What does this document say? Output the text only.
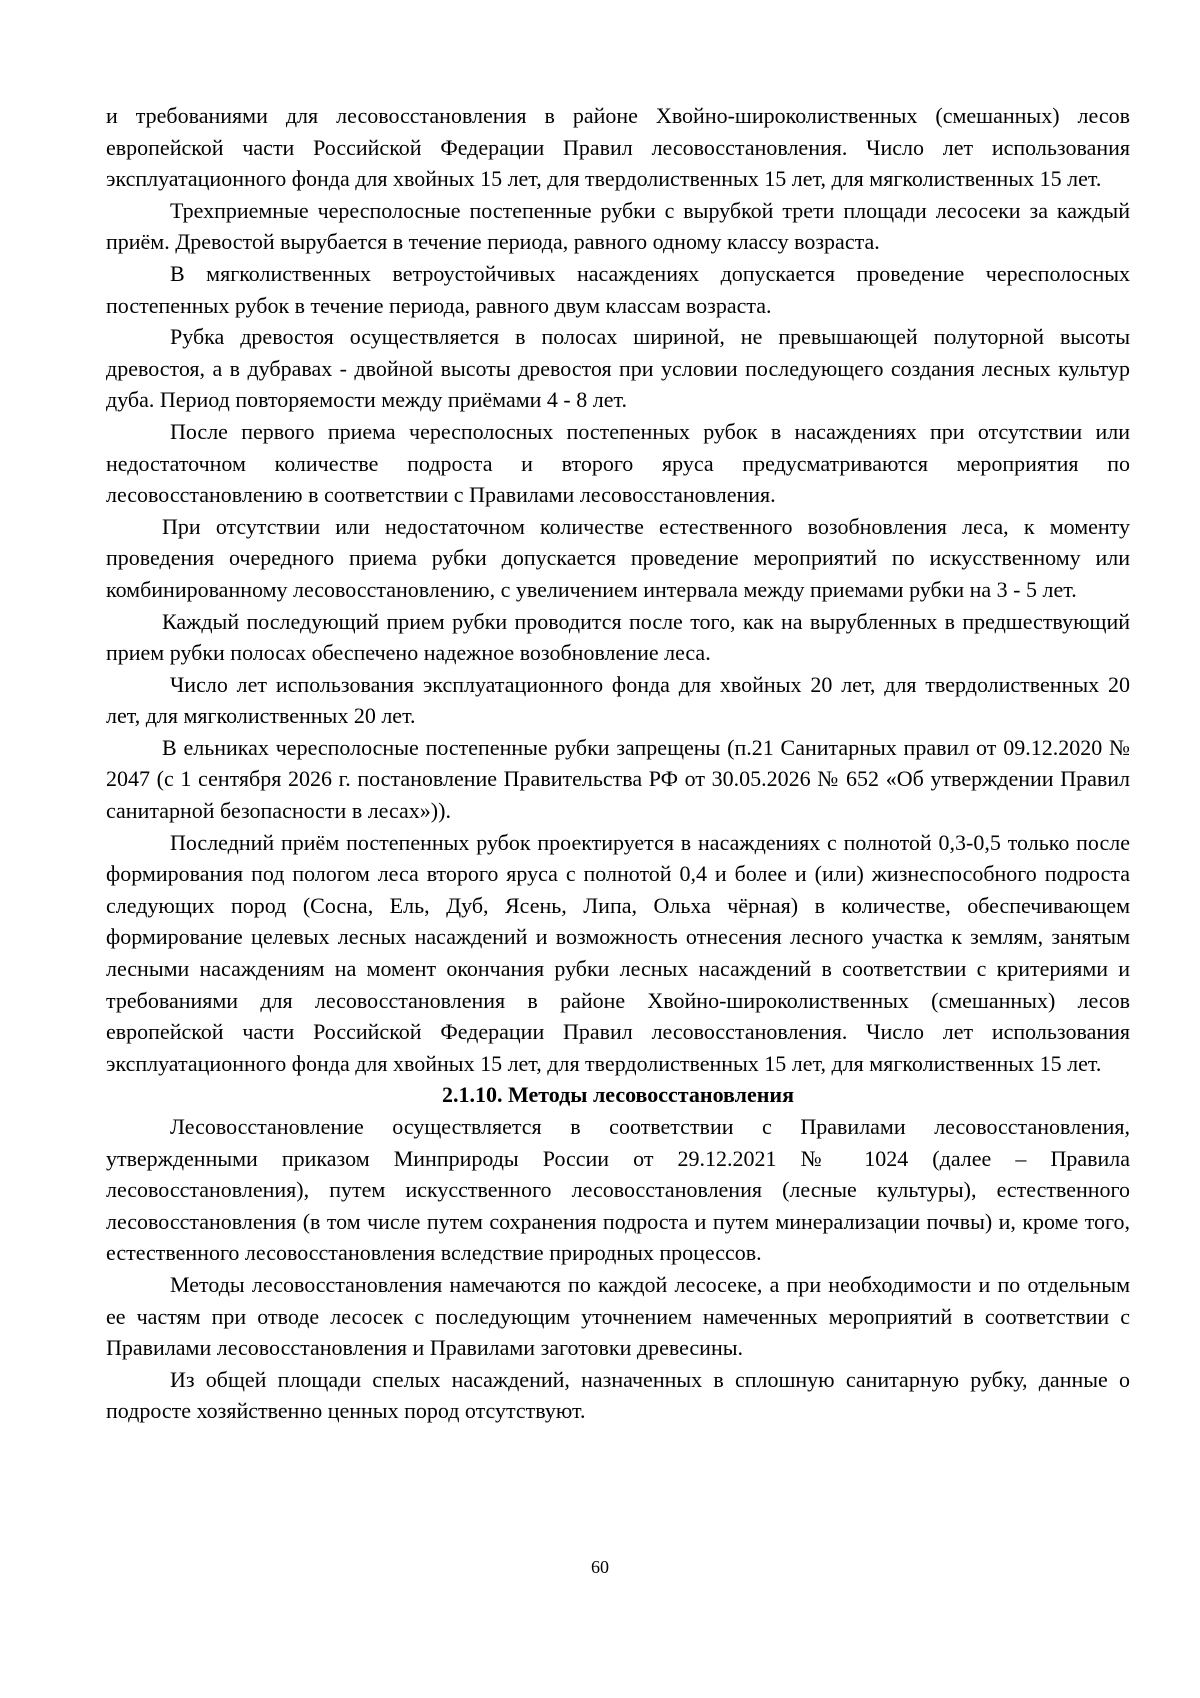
и требованиями для лесовосстановления в районе Хвойно-широколиственных (смешанных) лесов европейской части Российской Федерации Правил лесовосстановления. Число лет использования эксплуатационного фонда для хвойных 15 лет, для твердолиственных 15 лет, для мягколиственных 15 лет.

Трехприемные чересполосные постепенные рубки с вырубкой трети площади лесосеки за каждый приём. Древостой вырубается в течение периода, равного одному классу возраста.

В мягколиственных ветроустойчивых насаждениях допускается проведение чересполосных постепенных рубок в течение периода, равного двум классам возраста.

Рубка древостоя осуществляется в полосах шириной, не превышающей полуторной высоты древостоя, а в дубравах - двойной высоты древостоя при условии последующего создания лесных культур дуба. Период повторяемости между приёмами 4 - 8 лет.

После первого приема чересполосных постепенных рубок в насаждениях при отсутствии или недостаточном количестве подроста и второго яруса предусматриваются мероприятия по лесовосстановлению в соответствии с Правилами лесовосстановления.

При отсутствии или недостаточном количестве естественного возобновления леса, к моменту проведения очередного приема рубки допускается проведение мероприятий по искусственному или комбинированному лесовосстановлению, с увеличением интервала между приемами рубки на 3 - 5 лет.

Каждый последующий прием рубки проводится после того, как на вырубленных в предшествующий прием рубки полосах обеспечено надежное возобновление леса.

Число лет использования эксплуатационного фонда для хвойных 20 лет, для твердолиственных 20 лет, для мягколиственных 20 лет.

В ельниках чересполосные постепенные рубки запрещены (п.21 Санитарных правил от 09.12.2020 № 2047 (с 1 сентября 2026 г. постановление Правительства РФ от 30.05.2026 № 652 «Об утверждении Правил санитарной безопасности в лесах»)).

Последний приём постепенных рубок проектируется в насаждениях с полнотой 0,3-0,5 только после формирования под пологом леса второго яруса с полнотой 0,4 и более и (или) жизнеспособного подроста следующих пород (Сосна, Ель, Дуб, Ясень, Липа, Ольха чёрная) в количестве, обеспечивающем формирование целевых лесных насаждений и возможность отнесения лесного участка к землям, занятым лесными насаждениям на момент окончания рубки лесных насаждений в соответствии с критериями и требованиями для лесовосстановления в районе Хвойно-широколиственных (смешанных) лесов европейской части Российской Федерации Правил лесовосстановления. Число лет использования эксплуатационного фонда для хвойных 15 лет, для твердолиственных 15 лет, для мягколиственных 15 лет.

2.1.10. Методы лесовосстановления

Лесовосстановление осуществляется в соответствии с Правилами лесовосстановления, утвержденными приказом Минприроды России от 29.12.2021 № 1024 (далее – Правила лесовосстановления), путем искусственного лесовосстановления (лесные культуры), естественного лесовосстановления (в том числе путем сохранения подроста и путем минерализации почвы) и, кроме того, естественного лесовосстановления вследствие природных процессов.

Методы лесовосстановления намечаются по каждой лесосеке, а при необходимости и по отдельным ее частям при отводе лесосек с последующим уточнением намеченных мероприятий в соответствии с Правилами лесовосстановления и Правилами заготовки древесины.

Из общей площади спелых насаждений, назначенных в сплошную санитарную рубку, данные о подросте хозяйственно ценных пород отсутствуют.

60
